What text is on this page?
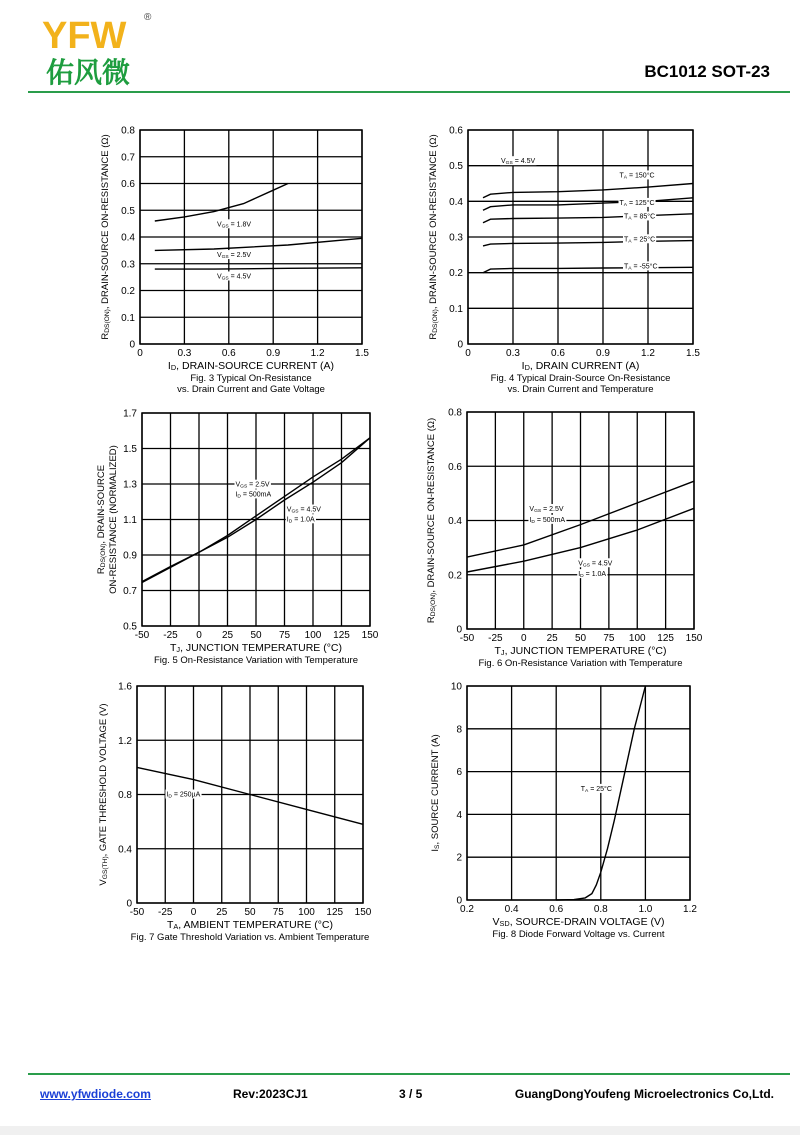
YFW ®
佑风微	BC1012 SOT-23
0	0.3	0.6	0.9	1.2	1.5
0
0.1
0.2
0.3
0.4
0.5
0.6
0.7
0.8
VGS = 1.8V
VGS = 2.5V
VGS = 4.5V
ID, DRAIN-SOURCE CURRENT (A)
RDS(ON), DRAIN-SOURCE ON-RESISTANCE (Ω)
Fig. 3 Typical On-Resistance
vs. Drain Current and Gate Voltage
0	0.3	0.6	0.9	1.2	1.5
0
0.1
0.2
0.3
0.4
0.5
0.6
VGS = 4.5V
TA = 150°C
TA = 125°C
TA = 85°C
TA = 25°C
TA = -55°C
ID, DRAIN CURRENT (A)
RDS(ON), DRAIN-SOURCE ON-RESISTANCE (Ω)
Fig. 4 Typical Drain-Source On-Resistance
vs. Drain Current and Temperature
-50 -25 0 25 50 75 100 125 150
0.5
0.7
0.9
1.1
1.3
1.5
1.7
VGS = 2.5V
ID = 500mA
VGS = 4.5V
ID = 1.0A
TJ, JUNCTION TEMPERATURE (°C)
RDS(ON), DRAIN-SOURCE ON-RESISTANCE (NORMALIZED)
Fig. 5 On-Resistance Variation with Temperature
-50 -25 0 25 50 75 100 125 150
0
0.2
0.4
0.6
0.8
VGS = 2.5V
ID = 500mA
VGS = 4.5V
ID = 1.0A
TJ, JUNCTION TEMPERATURE (°C)
RDS(ON), DRAIN-SOURCE ON-RESISTANCE (Ω)
Fig. 6 On-Resistance Variation with Temperature
-50 -25 0 25 50 75 100 125 150
0
0.4
0.8
1.2
1.6
ID = 250µA
TA, AMBIENT TEMPERATURE (°C)
VGS(TH), GATE THRESHOLD VOLTAGE (V)
Fig. 7 Gate Threshold Variation vs. Ambient Temperature
0.2	0.4	0.6	0.8	1.0	1.2
0
2
4
6
8
10
TA = 25°C
VSD, SOURCE-DRAIN VOLTAGE (V)
IS, SOURCE CURRENT (A)
Fig. 8 Diode Forward Voltage vs. Current
www.yfwdiode.com	Rev:2023CJ1	3 / 5	GuangDongYoufeng Microelectronics Co,Ltd.
